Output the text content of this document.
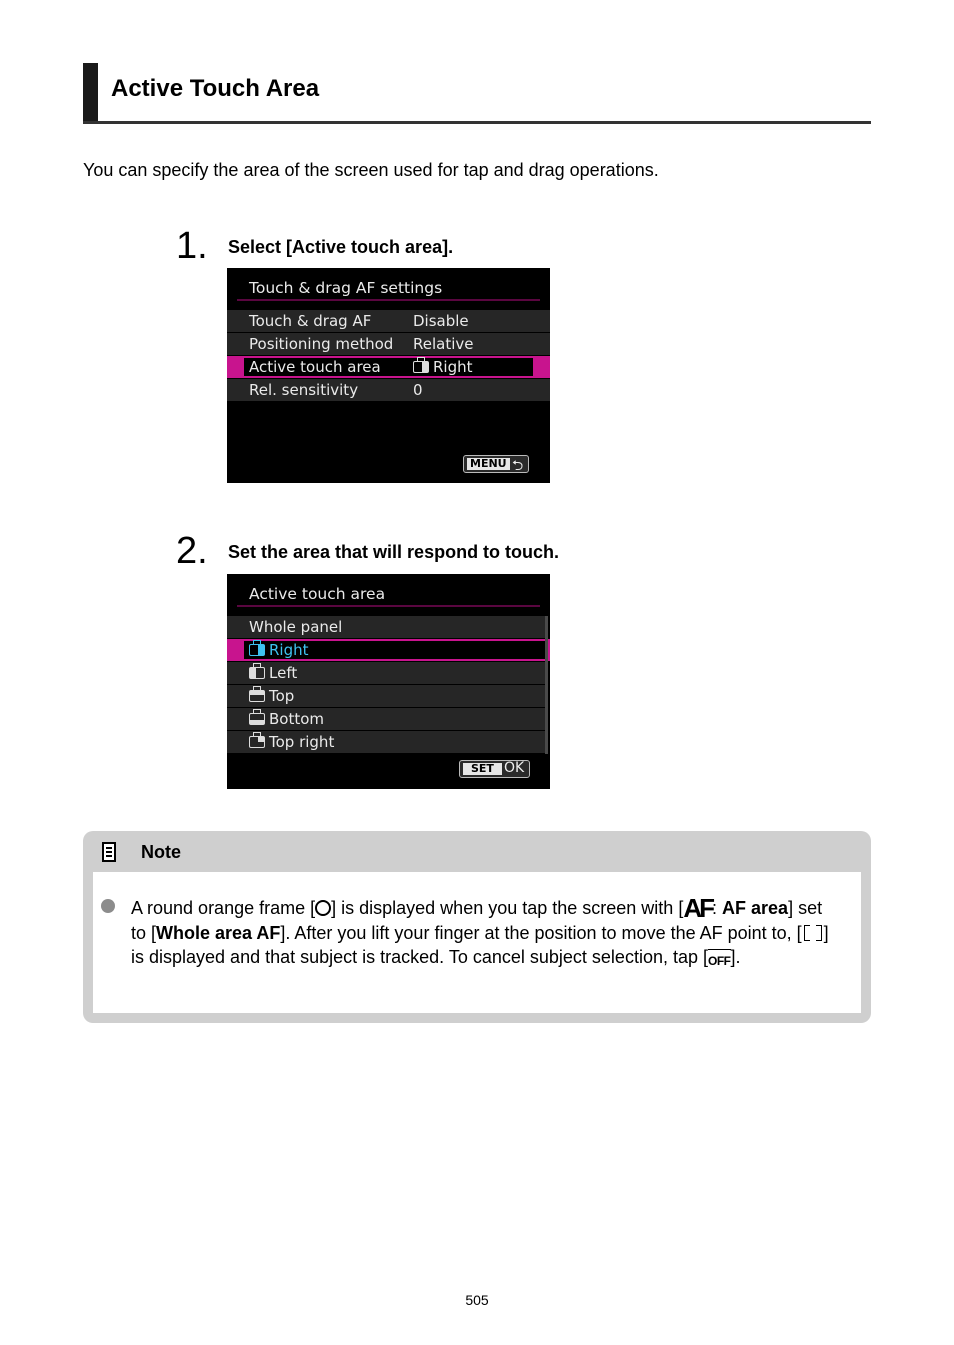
Active Touch Area

You can specify the area of the screen used for tap and drag operations.

1. Select [Active touch area].
Touch & drag AF settings
Touch & drag AF	Disable
Positioning method Relative
Active touch area	Right
Rel. sensitivity	0
MENU ⮌
2. Set the area that will respond to touch.
Active touch area
Whole panel
Right
Left
Top
Bottom
Top right
SET OK
Note

A round orange frame [ ] is displayed when you tap the screen with [AF: AF area] set to [Whole area AF]. After you lift your finger at the position to move the AF point to, [ ] is displayed and that subject is tracked. To cancel subject selection, tap [OFF].

505
